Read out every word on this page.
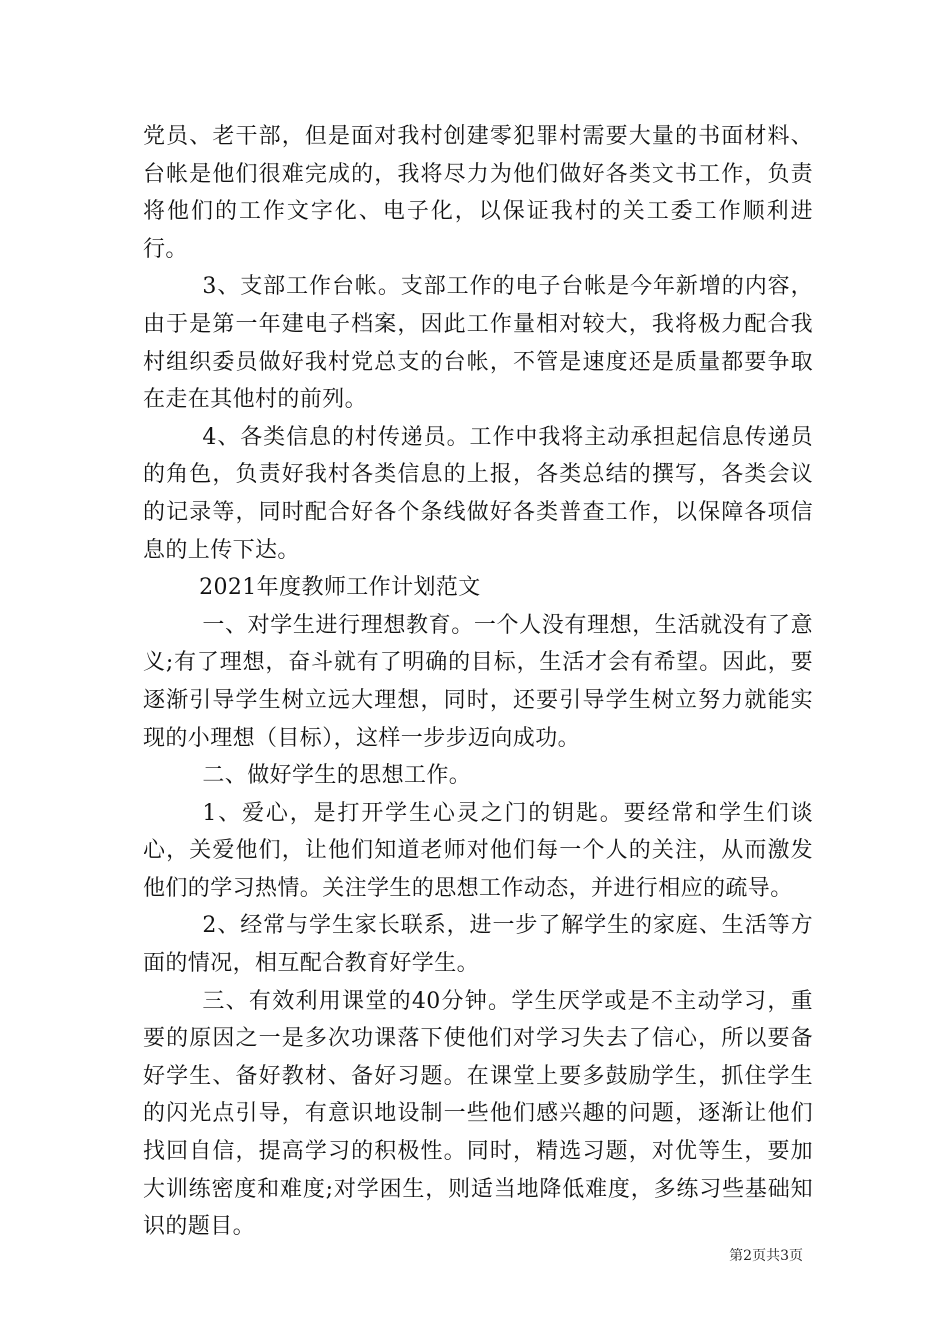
党员、老干部，但是面对我村创建零犯罪村需要大量的书面材料、台帐是他们很难完成的，我将尽力为他们做好各类文书工作，负责将他们的工作文字化、电子化，以保证我村的关工委工作顺利进行。

3、支部工作台帐。支部工作的电子台帐是今年新增的内容，由于是第一年建电子档案，因此工作量相对较大，我将极力配合我村组织委员做好我村党总支的台帐，不管是速度还是质量都要争取在走在其他村的前列。

4、各类信息的村传递员。工作中我将主动承担起信息传递员的角色，负责好我村各类信息的上报，各类总结的撰写，各类会议的记录等，同时配合好各个条线做好各类普查工作，以保障各项信息的上传下达。

2021年度教师工作计划范文

一、对学生进行理想教育。一个人没有理想，生活就没有了意义;有了理想，奋斗就有了明确的目标，生活才会有希望。因此，要逐渐引导学生树立远大理想，同时，还要引导学生树立努力就能实现的小理想（目标），这样一步步迈向成功。

二、做好学生的思想工作。

1、爱心，是打开学生心灵之门的钥匙。要经常和学生们谈心，关爱他们，让他们知道老师对他们每一个人的关注，从而激发他们的学习热情。关注学生的思想工作动态，并进行相应的疏导。

2、经常与学生家长联系，进一步了解学生的家庭、生活等方面的情况，相互配合教育好学生。

三、有效利用课堂的40分钟。学生厌学或是不主动学习，重要的原因之一是多次功课落下使他们对学习失去了信心，所以要备好学生、备好教材、备好习题。在课堂上要多鼓励学生，抓住学生的闪光点引导，有意识地设制一些他们感兴趣的问题，逐渐让他们找回自信，提高学习的积极性。同时，精选习题，对优等生，要加大训练密度和难度;对学困生，则适当地降低难度，多练习些基础知识的题目。

第2页共3页
